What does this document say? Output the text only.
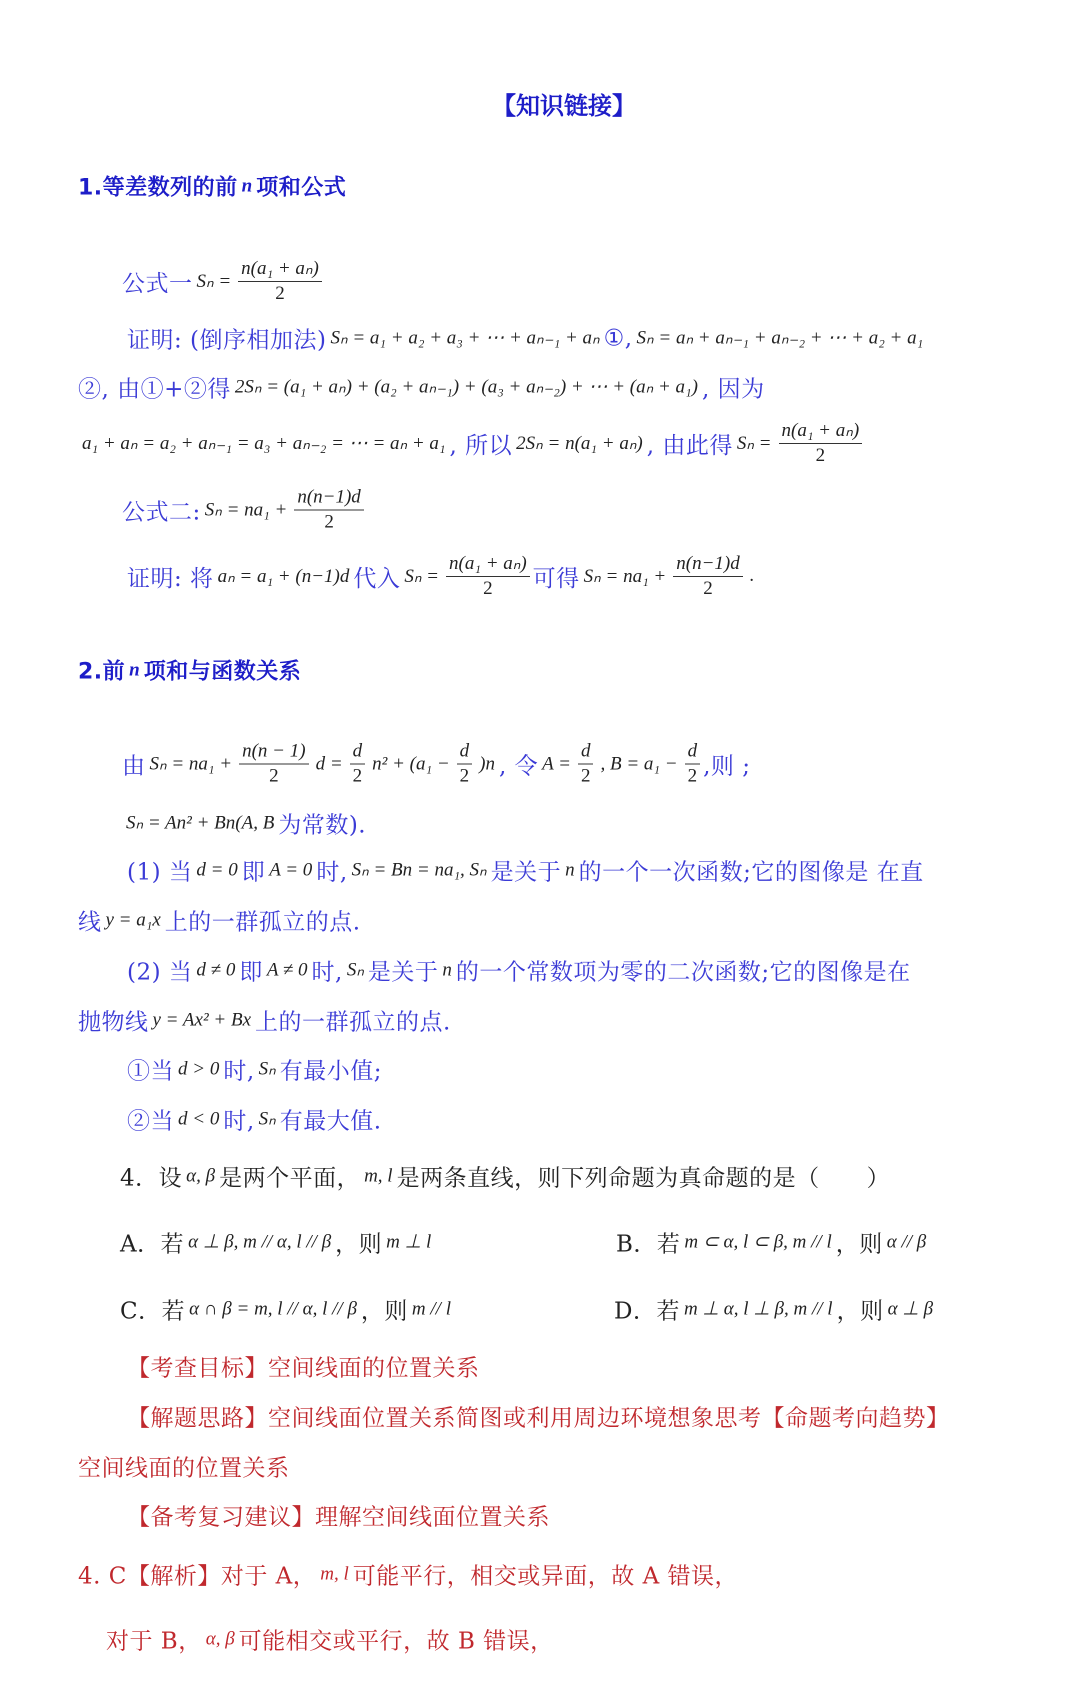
【知识链接】
1.等差数列的前 n 项和公式
公式一 $S_n = \frac{\text{n(a₁ + aₙ)}}{2}$
证明: (倒序相加法) Sₙ = a₁ + a₂ + a₃ + ⋯ + aₙ₋₁ + aₙ ①, Sₙ = aₙ + aₙ₋₁ + aₙ₋₂ + ⋯ + a₂ + a₁
②, 由①+②得 2Sₙ = (a₁ + aₙ) + (a₂ + aₙ₋₁) + (a₃ + aₙ₋₂) + ⋯ + (aₙ + a₁) , 因为
a₁ + aₙ = a₂ + aₙ₋₁ = a₃ + aₙ₋₂ = ⋯ = aₙ + a₁ , 所以 2Sₙ = n(a₁ + aₙ) , 由此得 $S_n = \frac{\text{n(a₁ + aₙ)}}{2}$
公式二: $S_n = na_1 + \frac{n(n-1)d}{2}$
证明: 将 aₙ = a₁ + (n−1)d 代入 $S_n = \frac{\text{n(a₁ + aₙ)}}{2}$ 可得 $S_n = na_1 + \frac{n(n-1)d}{2}$ .
2.前 n 项和与函数关系
由 $S_n = na_1 + \frac{n(n - 1)}{2}$ $d = \frac{d}{2} n^2 + (a_1 - \frac{d}{2} )n$ , 令 $A = \frac{d}{2}$ , $B = a_1 - \frac{d}{2}$ ,则 ;
Sₙ = An² + Bn(A, B 为常数).
(1) 当 d = 0 即 A = 0 时, Sₙ = Bn = na₁, Sₙ 是关于 n 的一个一次函数;它的图像是 在直
线 y = a₁x 上的一群孤立的点.
(2) 当 d ≠ 0 即 A ≠ 0 时, Sₙ 是关于 n 的一个常数项为零的二次函数;它的图像是在
抛物线 y = Ax² + Bx 上的一群孤立的点.
①当 d > 0 时, Sₙ 有最小值;
②当 d < 0 时, Sₙ 有最大值.
4．设 α, β 是两个平面， m, l 是两条直线，则下列命题为真命题的是（　　）
A．若 α ⊥ β, m // α, l // β ，则 m ⊥ l	B．若 m ⊂ α, l ⊂ β, m // l ，则 α // β
C．若 α ∩ β = m, l // α, l // β ，则 m // l	D．若 m ⊥ α, l ⊥ β, m // l ，则 α ⊥ β
【考查目标】空间线面的位置关系
【解题思路】空间线面位置关系简图或利用周边环境想象思考【命题考向趋势】
空间线面的位置关系
【备考复习建议】理解空间线面位置关系
4. C【解析】对于 A， m, l 可能平行，相交或异面，故 A 错误，
对于 B， α, β 可能相交或平行，故 B 错误，
